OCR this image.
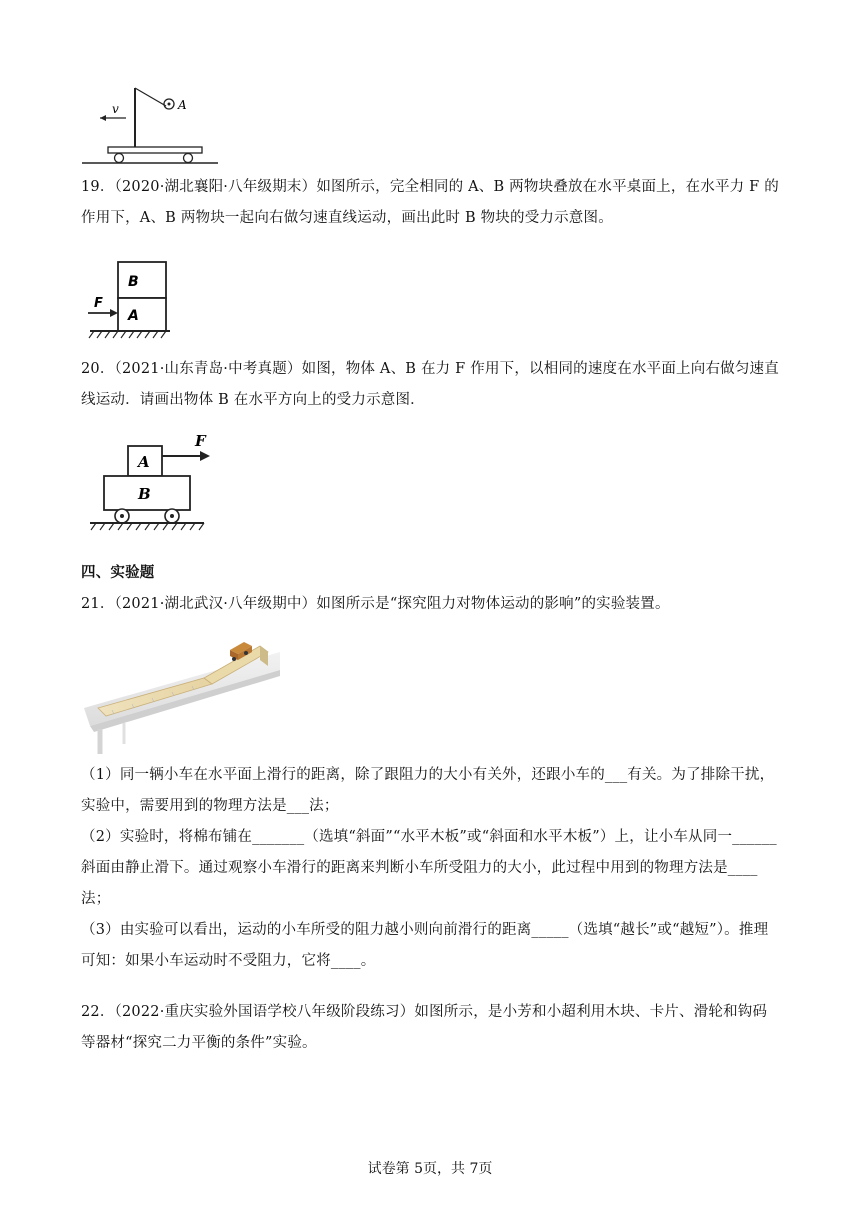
A
v
19．（2020·湖北襄阳·八年级期末）如图所示，完全相同的 A、B 两物块叠放在水平桌面上，在水平力 F 的
作用下，A、B 两物块一起向右做匀速直线运动，画出此时 B 物块的受力示意图。
B
A
F
20．（2021·山东青岛·中考真题）如图，物体 A、B 在力 F 作用下，以相同的速度在水平面上向右做匀速直
线运动．请画出物体 B 在水平方向上的受力示意图．
A
F
B
四、实验题
21．（2021·湖北武汉·八年级期中）如图所示是“探究阻力对物体运动的影响”的实验装置。
（1）同一辆小车在水平面上滑行的距离，除了跟阻力的大小有关外，还跟小车的___有关。为了排除干扰，
实验中，需要用到的物理方法是___法；
（2）实验时，将棉布铺在_______（选填“斜面”“水平木板”或“斜面和水平木板”）上，让小车从同一______
斜面由静止滑下。通过观察小车滑行的距离来判断小车所受阻力的大小，此过程中用到的物理方法是____
法；
（3）由实验可以看出，运动的小车所受的阻力越小则向前滑行的距离_____（选填“越长”或“越短”）。推理
可知：如果小车运动时不受阻力，它将____。
22．（2022·重庆实验外国语学校八年级阶段练习）如图所示，是小芳和小超利用木块、卡片、滑轮和钩码
等器材“探究二力平衡的条件”实验。
试卷第 5页，共 7页
